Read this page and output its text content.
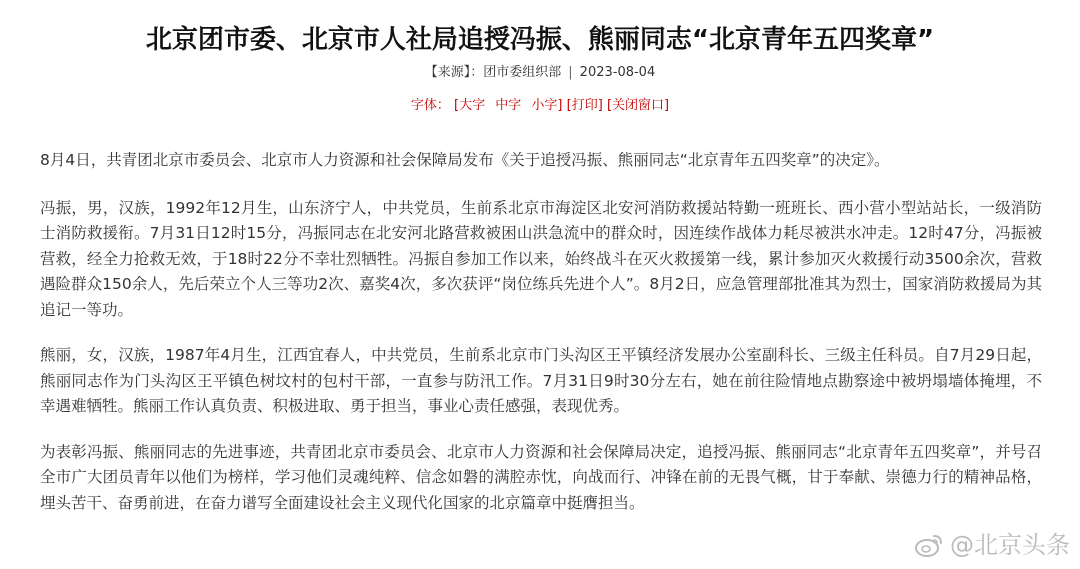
北京团市委、北京市人社局追授冯振、熊丽同志“北京青年五四奖章”
【来源】：团市委组织部 | 2023-08-04
字体： [大字 中字 小字] [打印] [关闭窗口]

8月4日，共青团北京市委员会、北京市人力资源和社会保障局发布《关于追授冯振、熊丽同志“北京青年五四奖章”的决定》。

冯振，男，汉族，1992年12月生，山东济宁人，中共党员，生前系北京市海淀区北安河消防救援站特勤一班班长、西小营小型站站长，一级消防士消防救援衔。7月31日12时15分，冯振同志在北安河北路营救被困山洪急流中的群众时，因连续作战体力耗尽被洪水冲走。12时47分，冯振被营救，经全力抢救无效，于18时22分不幸壮烈牺牲。冯振自参加工作以来，始终战斗在灭火救援第一线，累计参加灭火救援行动3500余次，营救遇险群众150余人，先后荣立个人三等功2次、嘉奖4次，多次获评“岗位练兵先进个人”。8月2日，应急管理部批准其为烈士，国家消防救援局为其追记一等功。

熊丽，女，汉族，1987年4月生，江西宜春人，中共党员，生前系北京市门头沟区王平镇经济发展办公室副科长、三级主任科员。自7月29日起，熊丽同志作为门头沟区王平镇色树坟村的包村干部，一直参与防汛工作。7月31日9时30分左右，她在前往险情地点勘察途中被坍塌墙体掩埋，不幸遇难牺牲。熊丽工作认真负责、积极进取、勇于担当，事业心责任感强，表现优秀。

为表彰冯振、熊丽同志的先进事迹，共青团北京市委员会、北京市人力资源和社会保障局决定，追授冯振、熊丽同志“北京青年五四奖章”，并号召全市广大团员青年以他们为榜样，学习他们灵魂纯粹、信念如磐的满腔赤忱，向战而行、冲锋在前的无畏气概，甘于奉献、崇德力行的精神品格，埋头苦干、奋勇前进，在奋力谱写全面建设社会主义现代化国家的北京篇章中挺膺担当。

@北京头条
